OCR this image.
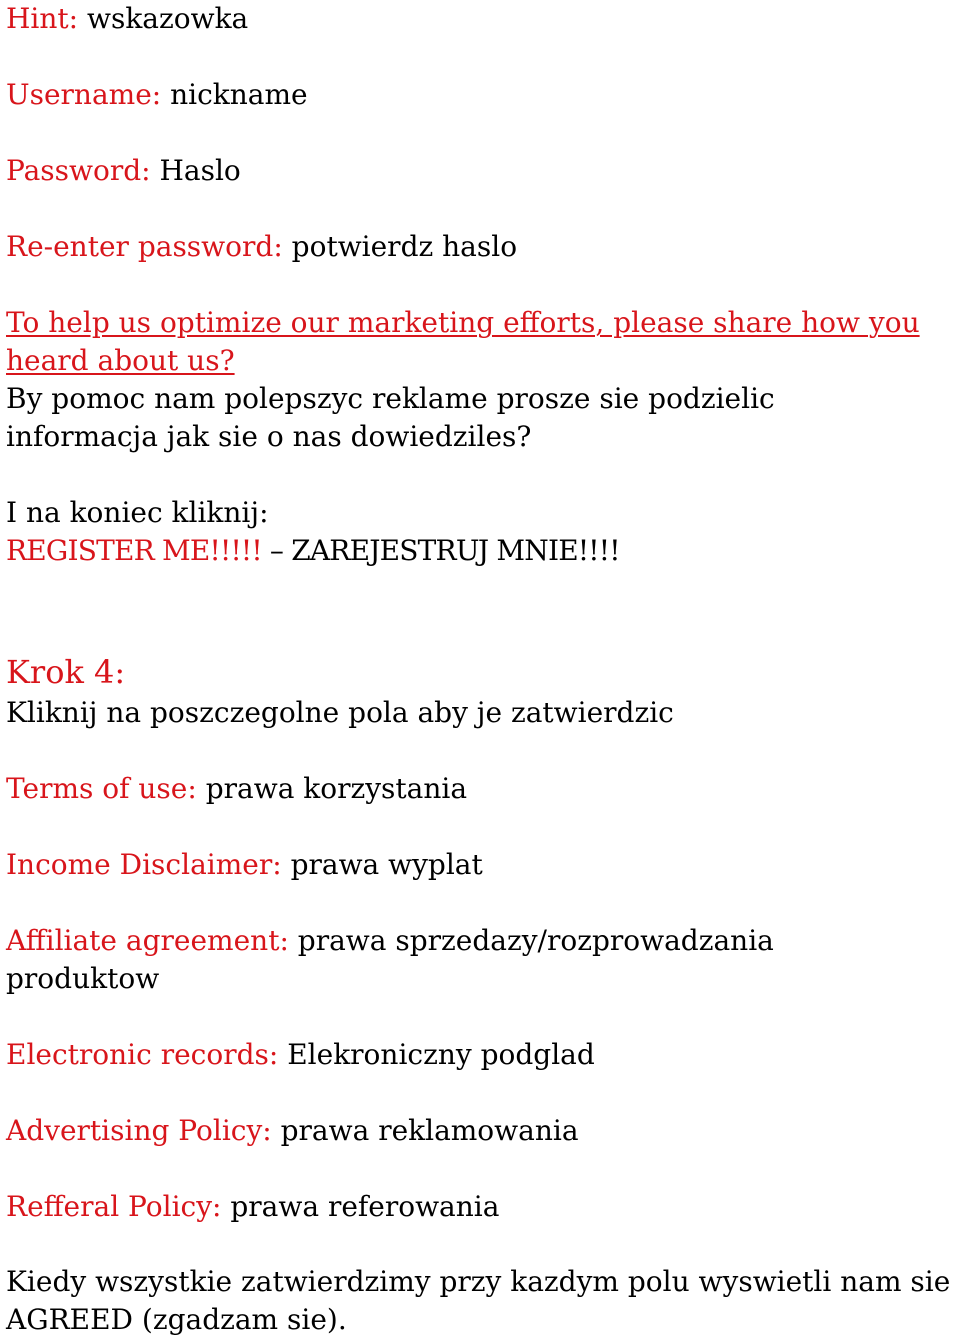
Hint: wskazowka

Username: nickname

Password: Haslo

Re-enter password: potwierdz haslo

To help us optimize our marketing efforts, please share how you heard about us?

By pomoc nam polepszyc reklame prosze sie podzielic informacja jak sie o nas dowiedziles?

I na koniec kliknij:

REGISTER ME!!!!! – ZAREJESTRUJ MNIE!!!!

Krok 4:

Kliknij na poszczegolne pola aby je zatwierdzic

Terms of use: prawa korzystania

Income Disclaimer: prawa wyplat

Affiliate agreement: prawa sprzedazy/rozprowadzania produktow

Electronic records: Elekroniczny podglad

Advertising Policy: prawa reklamowania

Refferal Policy: prawa referowania

Kiedy wszystkie zatwierdzimy przy kazdym polu wyswietli nam sie AGREED (zgadzam sie).
